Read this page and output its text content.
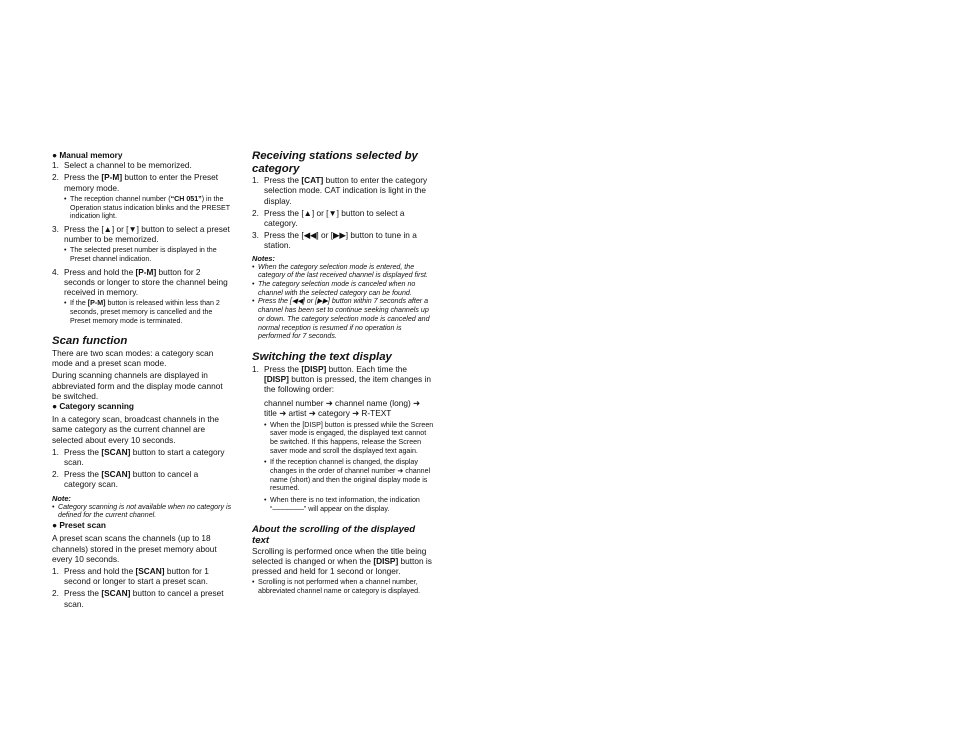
● Manual memory

1. Select a channel to be memorized.
2. Press the [P-M] button to enter the Preset memory mode.
• The reception channel number (“CH 051”) in the Operation status indication blinks and the PRESET indication light.
3. Press the [▲] or [▼] button to select a preset number to be memorized.
• The selected preset number is displayed in the Preset channel indication.
4. Press and hold the [P-M] button for 2 seconds or longer to store the channel being received in memory.
• If the [P-M] button is released within less than 2 seconds, preset memory is cancelled and the Preset memory mode is terminated.

Scan function

There are two scan modes: a category scan mode and a preset scan mode.

During scanning channels are displayed in abbreviated form and the display mode cannot be switched.

● Category scanning

In a category scan, broadcast channels in the same category as the current channel are selected about every 10 seconds.

1. Press the [SCAN] button to start a category scan.
2. Press the [SCAN] button to cancel a category scan.

Note:

• Category scanning is not available when no category is defined for the current channel.

● Preset scan

A preset scan scans the channels (up to 18 channels) stored in the preset memory about every 10 seconds.

1. Press and hold the [SCAN] button for 1 second or longer to start a preset scan.
2. Press the [SCAN] button to cancel a preset scan.

Receiving stations selected by category

1. Press the [CAT] button to enter the category selection mode. CAT indication is light in the display.
2. Press the [▲] or [▼] button to select a category.
3. Press the [◀◀] or [▶▶] button to tune in a station.

Notes:

• When the category selection mode is entered, the category of the last received channel is displayed first.
• The category selection mode is canceled when no channel with the selected category can be found.
• Press the [◀◀] or [▶▶] button within 7 seconds after a channel has been set to continue seeking channels up or down. The category selection mode is canceled and normal reception is resumed if no operation is performed for 7 seconds.

Switching the text display

1. Press the [DISP] button. Each time the [DISP] button is pressed, the item changes in the following order:
channel number ➜ channel name (long) ➜ title ➜ artist ➜ category ➜ R-TEXT
• When the [DISP] button is pressed while the Screen saver mode is engaged, the displayed text cannot be switched. If this happens, release the Screen saver mode and scroll the displayed text again.
• If the reception channel is changed, the display changes in the order of channel number ➜ channel name (short) and then the original display mode is resumed.
• When there is no text information, the indication “––––––––” will appear on the display.

About the scrolling of the displayed text

Scrolling is performed once when the title being selected is changed or when the [DISP] button is pressed and held for 1 second or longer.

• Scrolling is not performed when a channel number, abbreviated channel name or category is displayed.
